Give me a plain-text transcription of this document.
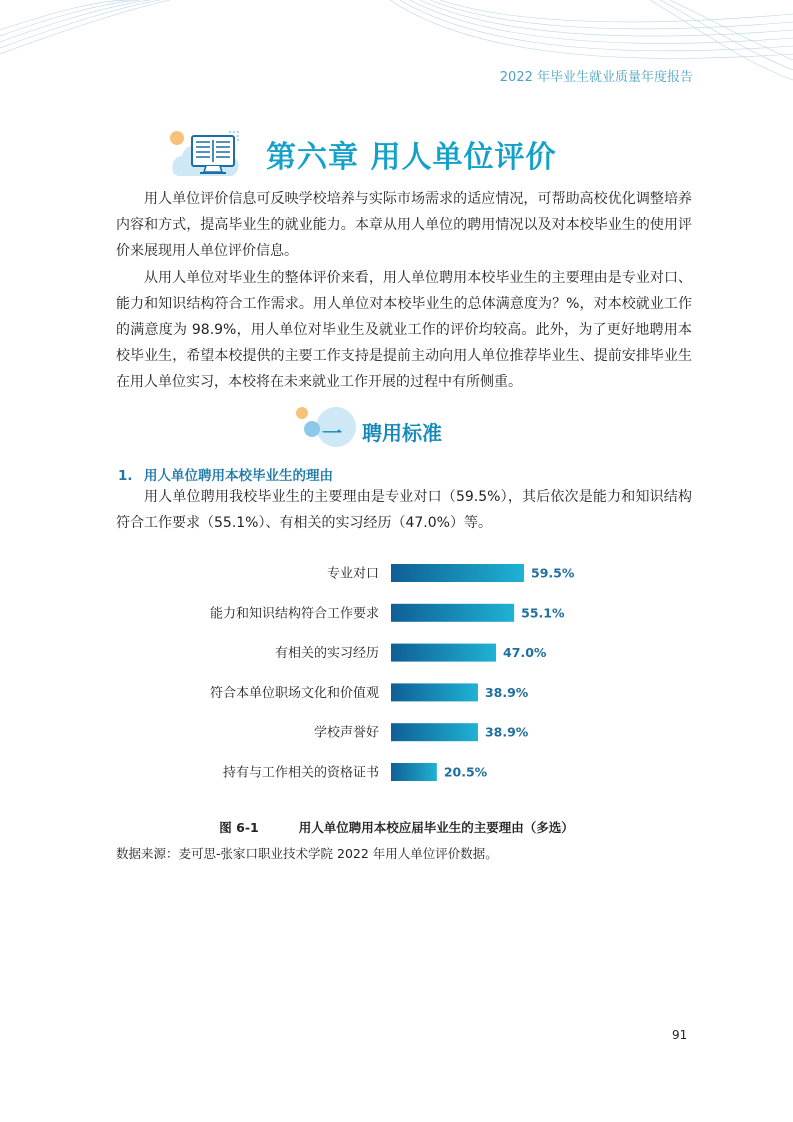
2022 年毕业生就业质量年度报告
第六章 用人单位评价

用人单位评价信息可反映学校培养与实际市场需求的适应情况，可帮助高校优化调整培养内容和方式，提高毕业生的就业能力。本章从用人单位的聘用情况以及对本校毕业生的使用评价来展现用人单位评价信息。

从用人单位对毕业生的整体评价来看，用人单位聘用本校毕业生的主要理由是专业对口、能力和知识结构符合工作需求。用人单位对本校毕业生的总体满意度为？%，对本校就业工作的满意度为 98.9%，用人单位对毕业生及就业工作的评价均较高。此外，为了更好地聘用本校毕业生，希望本校提供的主要工作支持是提前主动向用人单位推荐毕业生、提前安排毕业生在用人单位实习，本校将在未来就业工作开展的过程中有所侧重。

一 聘用标准
1. 用人单位聘用本校毕业生的理由

用人单位聘用我校毕业生的主要理由是专业对口（59.5%），其后依次是能力和知识结构符合工作要求（55.1%）、有相关的实习经历（47.0%）等。

专业对口	59.5%
能力和知识结构符合工作要求	55.1%
有相关的实习经历	47.0%
符合本单位职场文化和价值观	38.9%
学校声誉好	38.9%
持有与工作相关的资格证书	20.5%
图 6-1	用人单位聘用本校应届毕业生的主要理由（多选）
数据来源：麦可思-张家口职业技术学院 2022 年用人单位评价数据。
91
